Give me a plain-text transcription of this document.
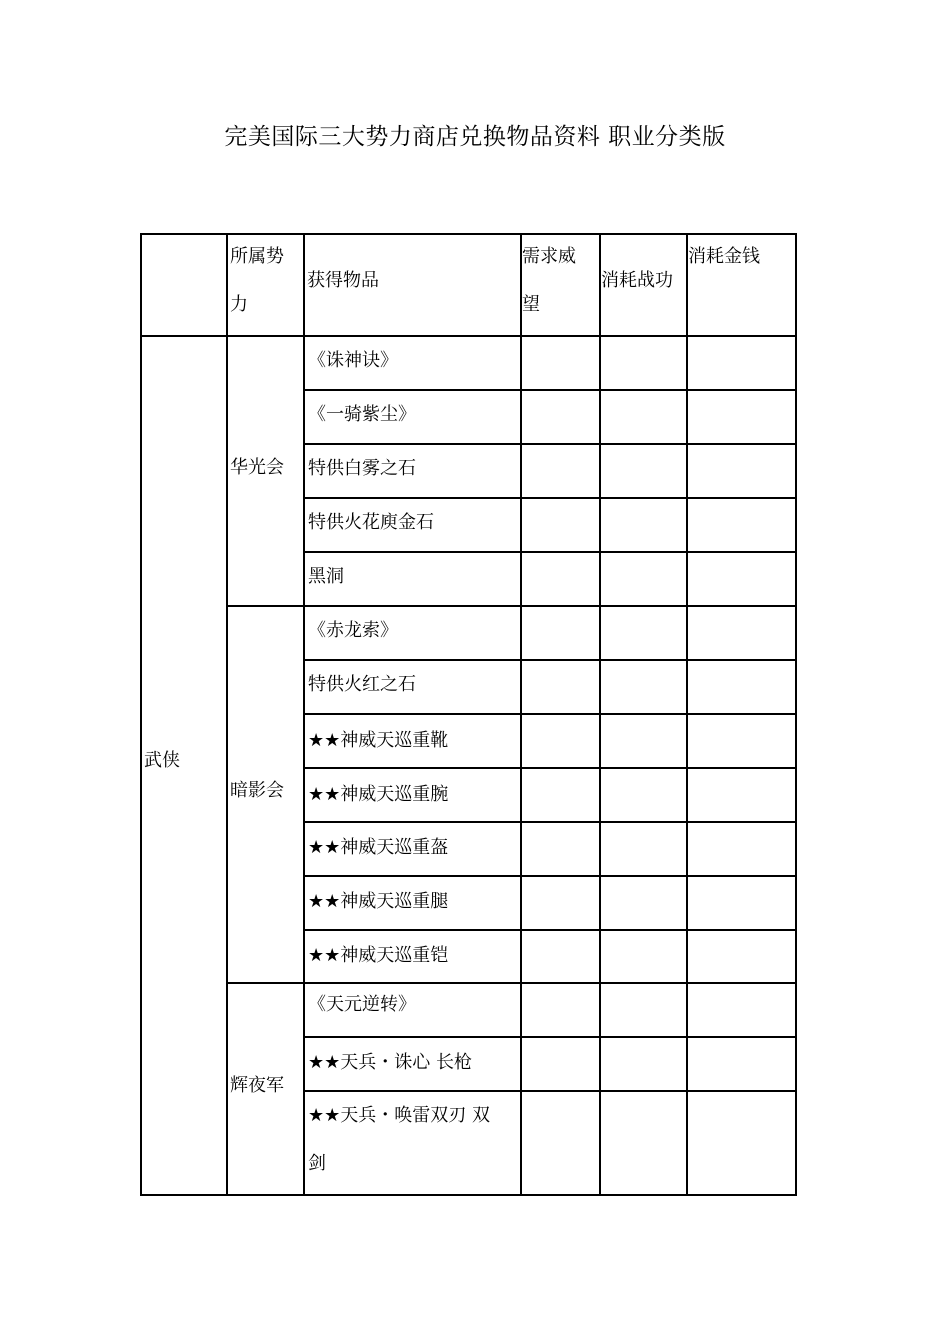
完美国际三大势力商店兑换物品资料 职业分类版
所属势
力
获得物品
需求威
望
消耗战功
消耗金钱
武侠
华光会
暗影会
辉夜军
《诛神诀》
《一骑紫尘》
特供白雾之石
特供火花庾金石
黑洞
《赤龙索》
特供火红之石
★★神威天巡重靴
★★神威天巡重腕
★★神威天巡重盔
★★神威天巡重腿
★★神威天巡重铠
《天元逆转》
★★天兵・诛心 长枪
★★天兵・唤雷双刃 双
剑
